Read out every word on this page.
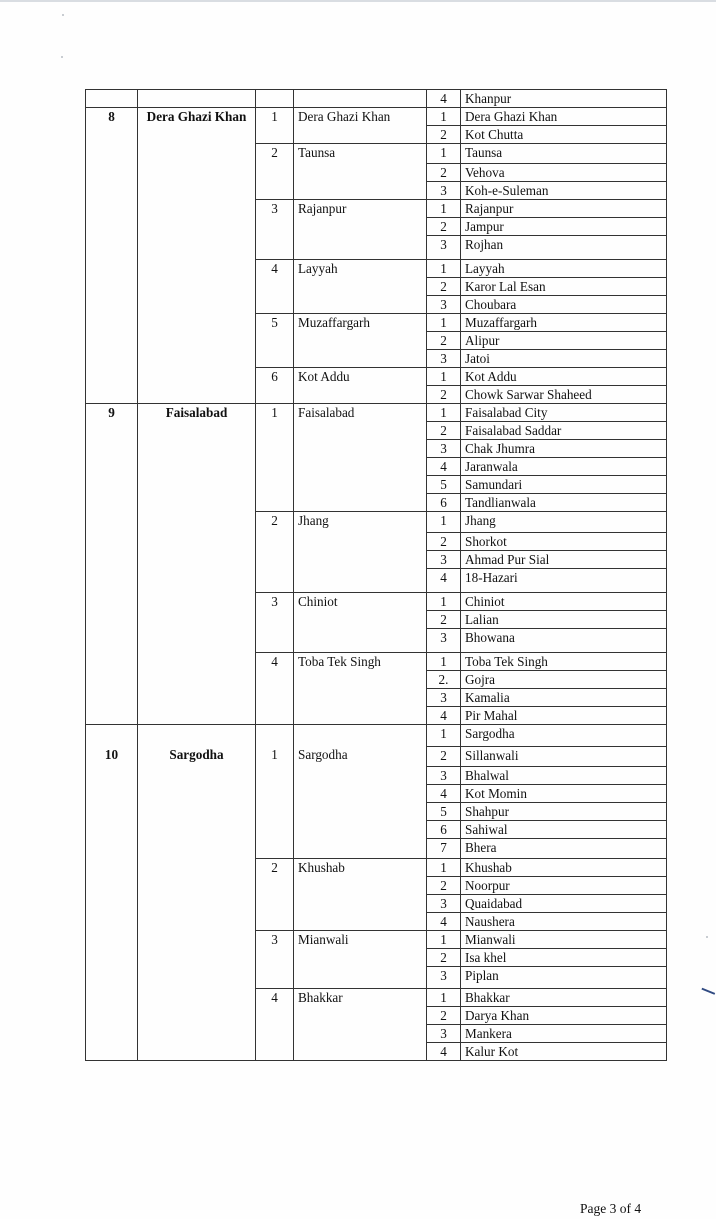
				4	Khanpur
8	Dera Ghazi Khan	1	Dera Ghazi Khan	1	Dera Ghazi Khan
				2	Kot Chutta
		2	Taunsa	1	Taunsa
				2	Vehova
				3	Koh-e-Suleman
		3	Rajanpur	1	Rajanpur
				2	Jampur
				3	Rojhan
		4	Layyah	1	Layyah
				2	Karor Lal Esan
				3	Choubara
		5	Muzaffargarh	1	Muzaffargarh
				2	Alipur
				3	Jatoi
		6	Kot Addu	1	Kot Addu
				2	Chowk Sarwar Shaheed
9	Faisalabad	1	Faisalabad	1	Faisalabad City
				2	Faisalabad Saddar
				3	Chak Jhumra
				4	Jaranwala
				5	Samundari
				6	Tandlianwala
		2	Jhang	1	Jhang
				2	Shorkot
				3	Ahmad Pur Sial
				4	18-Hazari
		3	Chiniot	1	Chiniot
				2	Lalian
				3	Bhowana
		4	Toba Tek Singh	1	Toba Tek Singh
				2.	Gojra
				3	Kamalia
				4	Pir Mahal
10	Sargodha	1	Sargodha	1	Sargodha
				2	Sillanwali
				3	Bhalwal
				4	Kot Momin
				5	Shahpur
				6	Sahiwal
				7	Bhera
		2	Khushab	1	Khushab
				2	Noorpur
				3	Quaidabad
				4	Naushera
		3	Mianwali	1	Mianwali
				2	Isa khel
				3	Piplan
		4	Bhakkar	1	Bhakkar
				2	Darya Khan
				3	Mankera
				4	Kalur Kot
Page 3 of 4
